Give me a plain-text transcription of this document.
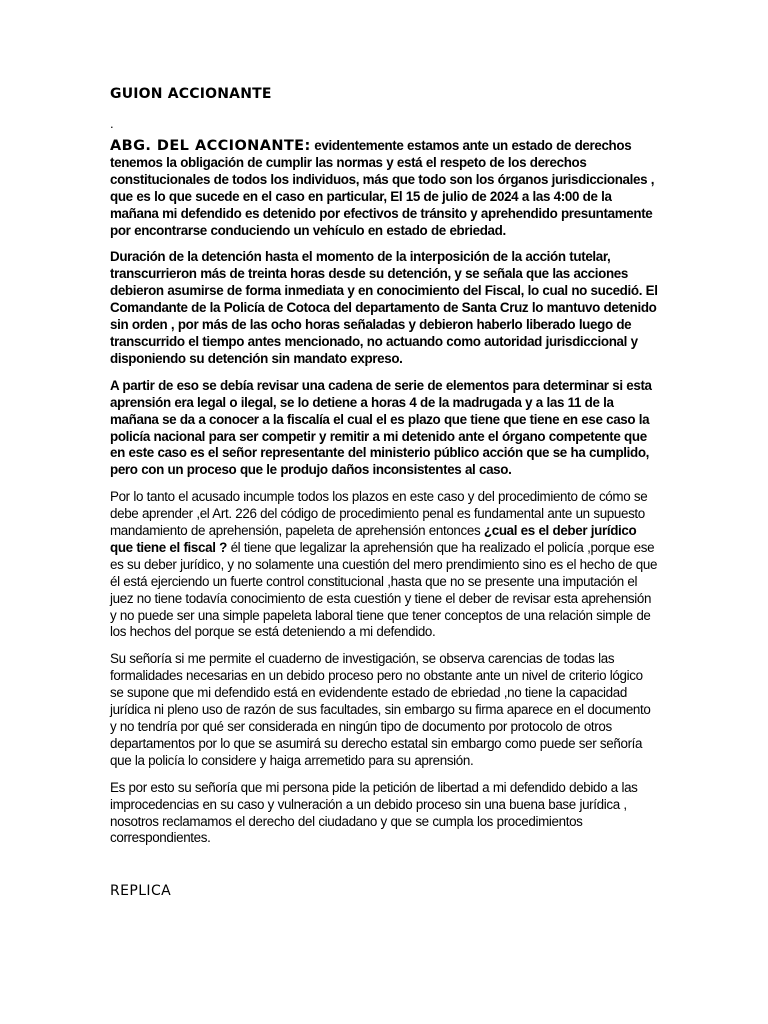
GUION ACCIONANTE

.

ABG. DEL ACCIONANTE: evidentemente estamos ante un estado de derechos tenemos la obligación de cumplir las normas y está el respeto de los derechos constitucionales de todos los individuos, más que todo son los órganos jurisdiccionales , que es lo que sucede en el caso en particular, El 15 de julio de 2024 a las 4:00 de la mañana mi defendido es detenido por efectivos de tránsito y aprehendido presuntamente por encontrarse conduciendo un vehículo en estado de ebriedad.

Duración de la detención hasta el momento de la interposición de la acción tutelar, transcurrieron más de treinta horas desde su detención, y se señala que las acciones debieron asumirse de forma inmediata y en conocimiento del Fiscal, lo cual no sucedió. El Comandante de la Policía de Cotoca del departamento de Santa Cruz lo mantuvo detenido sin orden , por más de las ocho horas señaladas y debieron haberlo liberado luego de transcurrido el tiempo antes mencionado, no actuando como autoridad jurisdiccional y disponiendo su detención sin mandato expreso.

A partir de eso se debía revisar una cadena de serie de elementos para determinar si esta aprensión era legal o ilegal, se lo detiene a horas 4 de la madrugada y a las 11 de la mañana se da a conocer a la fiscalía el cual el es plazo que tiene que tiene en ese caso la policía nacional para ser competir y remitir a mi detenido ante el órgano competente que en este caso es el señor representante del ministerio público acción que se ha cumplido, pero con un proceso que le produjo daños inconsistentes al caso.

Por lo tanto el acusado incumple todos los plazos en este caso y del procedimiento de cómo se debe aprender ,el Art. 226 del código de procedimiento penal es fundamental ante un supuesto mandamiento de aprehensión, papeleta de aprehensión entonces ¿cual es el deber jurídico que tiene el fiscal ? él tiene que legalizar la aprehensión que ha realizado el policía ,porque ese es su deber jurídico, y no solamente una cuestión del mero prendimiento sino es el hecho de que él está ejerciendo un fuerte control constitucional ,hasta que no se presente una imputación el juez no tiene todavía conocimiento de esta cuestión y tiene el deber de revisar esta aprehensión y no puede ser una simple papeleta laboral tiene que tener conceptos de una relación simple de los hechos del porque se está deteniendo a mi defendido.

Su señoría si me permite el cuaderno de investigación, se observa carencias de todas las formalidades necesarias en un debido proceso pero no obstante ante un nivel de criterio lógico se supone que mi defendido está en evidendente estado de ebriedad ,no tiene la capacidad jurídica ni pleno uso de razón de sus facultades, sin embargo su firma aparece en el documento y no tendría por qué ser considerada en ningún tipo de documento por protocolo de otros departamentos por lo que se asumirá su derecho estatal sin embargo como puede ser señoría que la policía lo considere y haiga arremetido para su aprensión.

Es por esto su señoría que mi persona pide la petición de libertad a mi defendido debido a las improcedencias en su caso y vulneración a un debido proceso sin una buena base jurídica , nosotros reclamamos el derecho del ciudadano y que se cumpla los procedimientos correspondientes.

REPLICA
